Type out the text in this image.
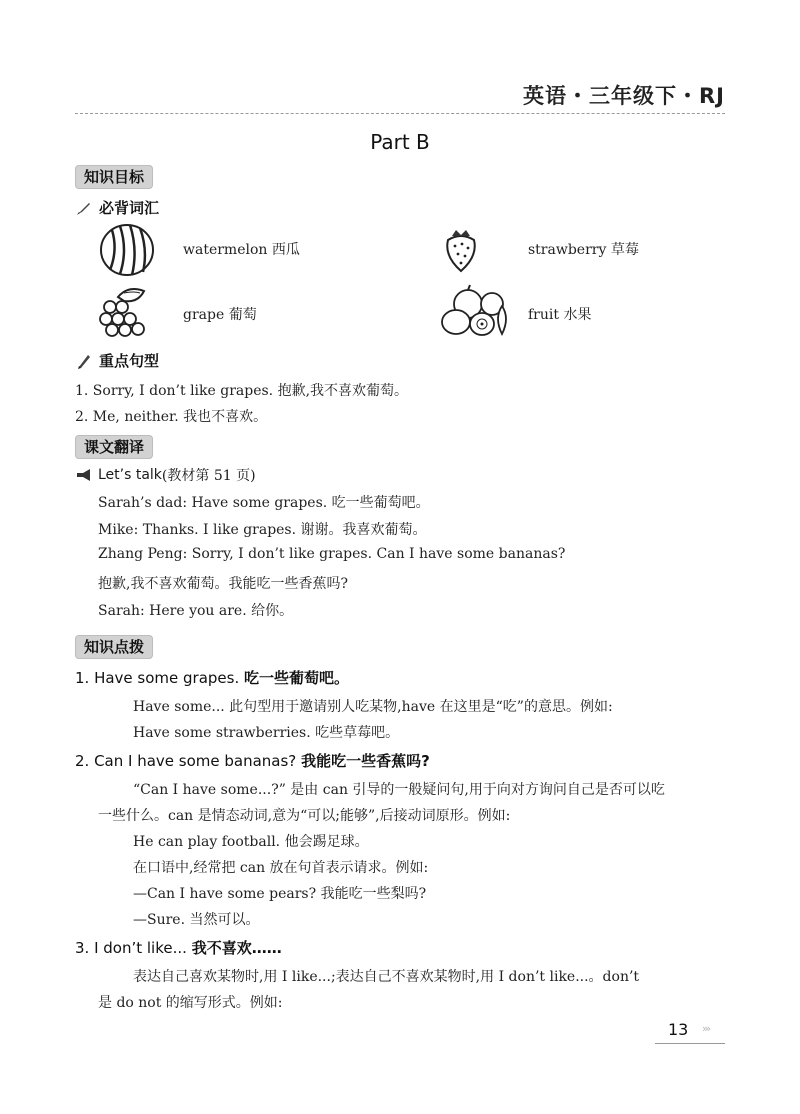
英语・三年级下・RJ
Part B
知识目标
必背词汇
watermelon 西瓜	strawberry 草莓
grape 葡萄	fruit 水果
重点句型
1. Sorry, I don’t like grapes. 抱歉,我不喜欢葡萄。
2. Me, neither. 我也不喜欢。
课文翻译
Let’s talk (教材第 51 页)
Sarah’s dad: Have some grapes. 吃一些葡萄吧。
Mike: Thanks. I like grapes. 谢谢。我喜欢葡萄。
Zhang Peng: Sorry, I don’t like grapes. Can I have some bananas?
抱歉,我不喜欢葡萄。我能吃一些香蕉吗?
Sarah: Here you are. 给你。
知识点拨
1. Have some grapes. 吃一些葡萄吧。
Have some... 此句型用于邀请别人吃某物,have 在这里是“吃”的意思。例如:
Have some strawberries. 吃些草莓吧。
2. Can I have some bananas? 我能吃一些香蕉吗?
“Can I have some...?” 是由 can 引导的一般疑问句,用于向对方询问自己是否可以吃
一些什么。can 是情态动词,意为“可以;能够”,后接动词原形。例如:
He can play football. 他会踢足球。
在口语中,经常把 can 放在句首表示请求。例如:
—Can I have some pears? 我能吃一些梨吗?
—Sure. 当然可以。
3. I don’t like... 我不喜欢……
表达自己喜欢某物时,用 I like...;表达自己不喜欢某物时,用 I don’t like...。don’t
是 do not 的缩写形式。例如:
13 ›››
